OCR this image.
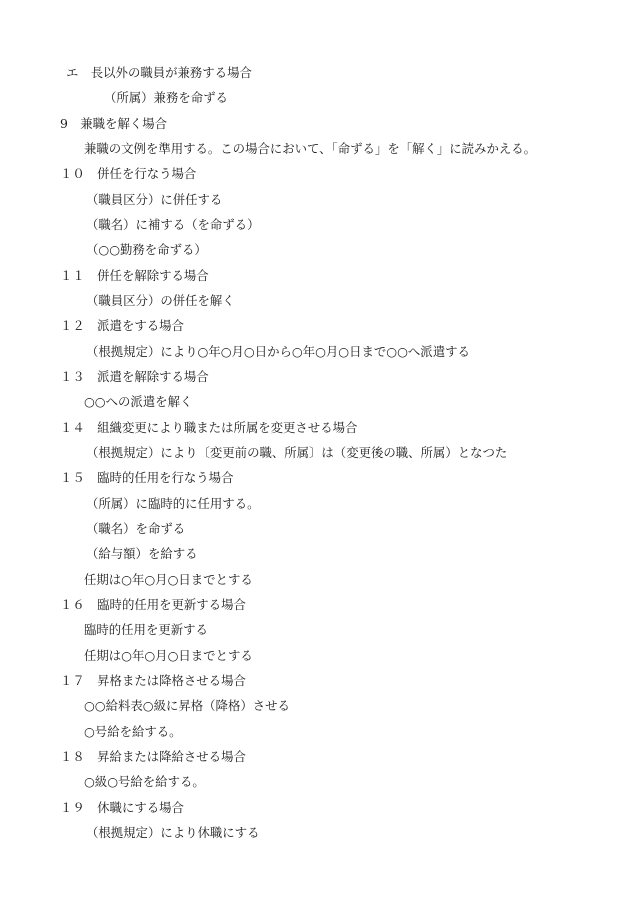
エ　長以外の職員が兼務する場合
（所属）兼務を命ずる
9　兼職を解く場合
兼職の文例を準用する。この場合において、「命ずる」を「解く」に読みかえる。
１０　併任を行なう場合
（職員区分）に併任する
（職名）に補する（を命ずる）
（○○勤務を命ずる）
１１　併任を解除する場合
（職員区分）の併任を解く
１２　派遣をする場合
（根拠規定）により○年○月○日から○年○月○日まで○○へ派遣する
１３　派遣を解除する場合
○○への派遣を解く
１４　組織変更により職または所属を変更させる場合
（根拠規定）により〔変更前の職、所属〕は（変更後の職、所属）となつた
１５　臨時的任用を行なう場合
（所属）に臨時的に任用する。
（職名）を命ずる
（給与額）を給する
任期は○年○月○日までとする
１６　臨時的任用を更新する場合
臨時的任用を更新する
任期は○年○月○日までとする
１７　昇格または降格させる場合
○○給料表○級に昇格（降格）させる
○号給を給する。
１８　昇給または降給させる場合
○級○号給を給する。
１９　休職にする場合
（根拠規定）により休職にする
